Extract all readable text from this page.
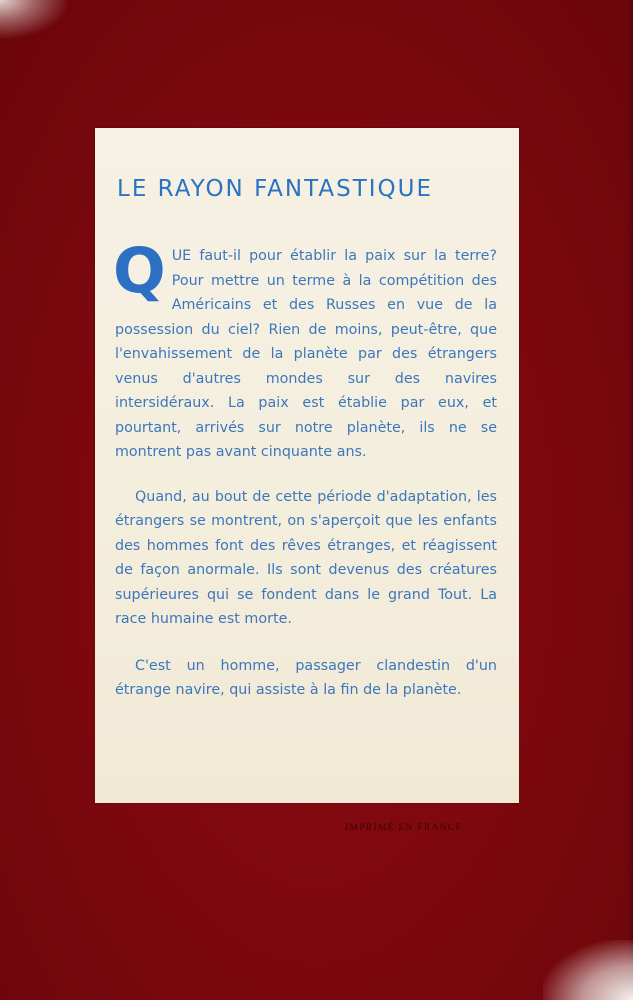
LE RAYON FANTASTIQUE

QUE faut-il pour établir la paix sur la terre? Pour mettre un terme à la compétition des Américains et des Russes en vue de la possession du ciel? Rien de moins, peut-être, que l'envahissement de la planète par des étrangers venus d'autres mondes sur des navires intersidéraux. La paix est établie par eux, et pourtant, arrivés sur notre planète, ils ne se montrent pas avant cinquante ans.

Quand, au bout de cette période d'adaptation, les étrangers se montrent, on s'aperçoit que les enfants des hommes font des rêves étranges, et réagissent de façon anormale. Ils sont devenus des créatures supérieures qui se fondent dans le grand Tout. La race humaine est morte.

C'est un homme, passager clandestin d'un étrange navire, qui assiste à la fin de la planète.

IMPRIMÉ EN FRANCE
